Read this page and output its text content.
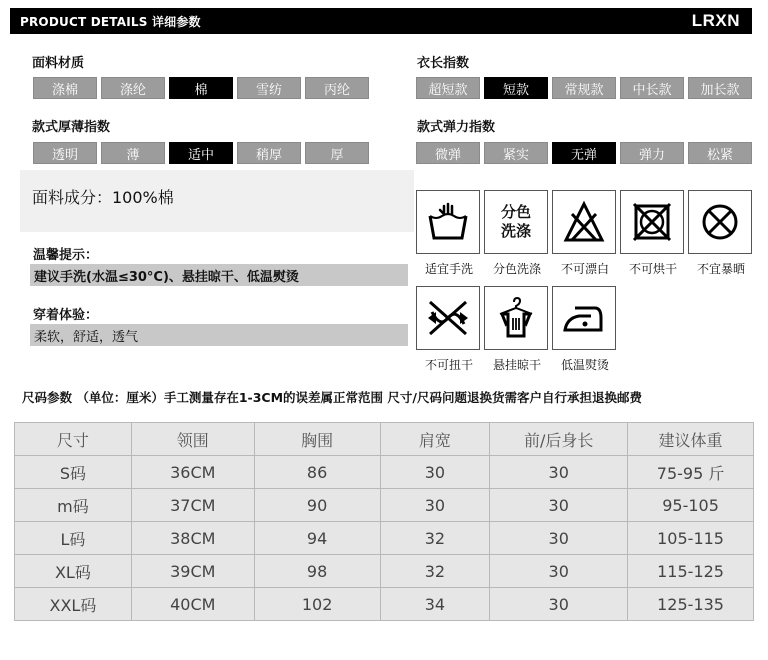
PRODUCT DETAILS 详细参数	LRXN
面料材质
涤棉	涤纶	棉	雪纺	丙纶
衣长指数
超短款	短款	常规款	中长款	加长款
款式厚薄指数
透明	薄	适中	稍厚	厚
款式弹力指数
微弹	紧实	无弹	弹力	松紧
面料成分：100%棉
温馨提示：
建议手洗(水温≤30°C)、悬挂晾干、低温熨烫
穿着体验：
柔软，舒适，透气
适宜手洗
分色
洗涤
分色洗涤	不可漂白	不可烘干	不宜暴晒
不可扭干	悬挂晾干	低温熨烫
尺码参数 （单位：厘米）手工测量存在1-3CM的误差属正常范围 尺寸/尺码问题退换货需客户自行承担退换邮费
尺寸	领围	胸围	肩宽	前/后身长	建议体重
S码	36CM	86	30	30	75-95 斤
m码	37CM	90	30	30	95-105
L码	38CM	94	32	30	105-115
XL码	39CM	98	32	30	115-125
XXL码	40CM	102	34	30	125-135
